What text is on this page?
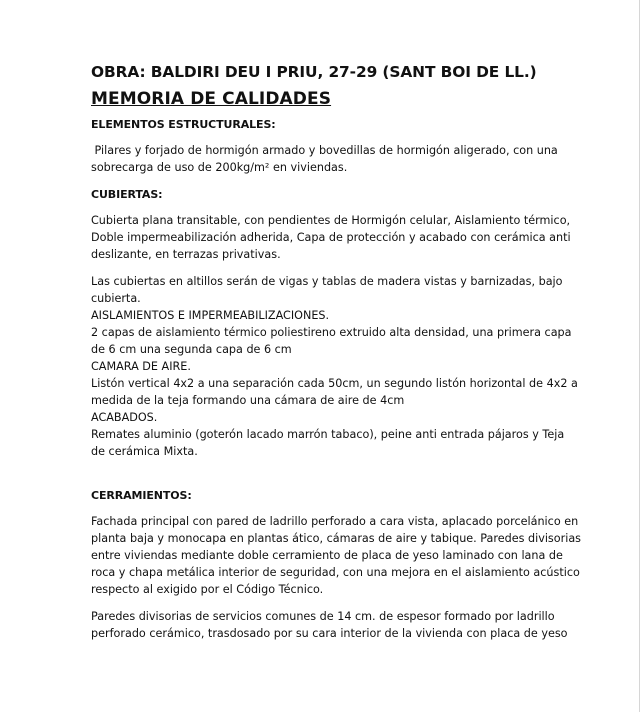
OBRA: BALDIRI DEU I PRIU, 27-29 (SANT BOI DE LL.)
MEMORIA DE CALIDADES
ELEMENTOS ESTRUCTURALES:
Pilares y forjado de hormigón armado y bovedillas de hormigón aligerado, con una
sobrecarga de uso de 200kg/m² en viviendas.
CUBIERTAS:
Cubierta plana transitable, con pendientes de Hormigón celular, Aislamiento térmico,
Doble impermeabilización adherida, Capa de protección y acabado con cerámica anti
deslizante, en terrazas privativas.
Las cubiertas en altillos serán de vigas y tablas de madera vistas y barnizadas, bajo
cubierta.
AISLAMIENTOS E IMPERMEABILIZACIONES.
2 capas de aislamiento térmico poliestireno extruido alta densidad, una primera capa
de 6 cm una segunda capa de 6 cm
CAMARA DE AIRE.
Listón vertical 4x2 a una separación cada 50cm, un segundo listón horizontal de 4x2 a
medida de la teja formando una cámara de aire de 4cm
ACABADOS.
Remates aluminio (goterón lacado marrón tabaco), peine anti entrada pájaros y Teja
de cerámica Mixta.
CERRAMIENTOS:
Fachada principal con pared de ladrillo perforado a cara vista, aplacado porcelánico en
planta baja y monocapa en plantas ático, cámaras de aire y tabique. Paredes divisorias
entre viviendas mediante doble cerramiento de placa de yeso laminado con lana de
roca y chapa metálica interior de seguridad, con una mejora en el aislamiento acústico
respecto al exigido por el Código Técnico.
Paredes divisorias de servicios comunes de 14 cm. de espesor formado por ladrillo
perforado cerámico, trasdosado por su cara interior de la vivienda con placa de yeso
